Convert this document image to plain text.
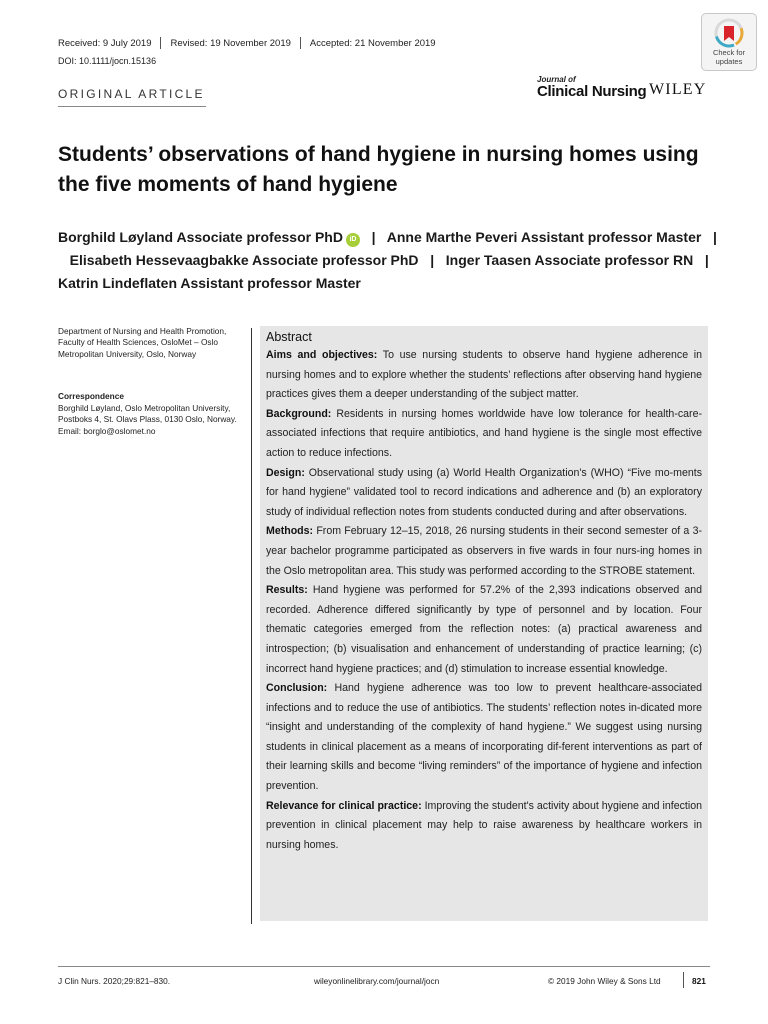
Received: 9 July 2019 Revised: 19 November 2019 Accepted: 21 November 2019
DOI: 10.1111/jocn.15136
Check for
updates
ORIGINAL ARTICLE
Journal of
Clinical Nursing WILEY
Students’ observations of hand hygiene in nursing homes using the five moments of hand hygiene
Borghild Løyland Associate professor PhD iD | Anne Marthe Peveri Assistant professor Master |   Elisabeth Hessevaagbakke Associate professor PhD | Inger Taasen Associate professor RN |   Katrin Lindeflaten Assistant professor Master
Department of Nursing and Health Promotion, Faculty of Health Sciences, OsloMet – Oslo Metropolitan University, Oslo, Norway
Correspondence
Borghild Løyland, Oslo Metropolitan University, Postboks 4, St. Olavs Plass, 0130 Oslo, Norway.
Email: borglo@oslomet.no
Abstract

Aims and objectives: To use nursing students to observe hand hygiene adherence in nursing homes and to explore whether the students’ reflections after observing hand hygiene practices gives them a deeper understanding of the subject matter.

Background: Residents in nursing homes worldwide have low tolerance for health-care-associated infections that require antibiotics, and hand hygiene is the single most effective action to reduce infections.

Design: Observational study using (a) World Health Organization's (WHO) “Five mo-ments for hand hygiene” validated tool to record indications and adherence and (b) an exploratory study of individual reflection notes from students conducted during and after observations.

Methods: From February 12–15, 2018, 26 nursing students in their second semester of a 3-year bachelor programme participated as observers in five wards in four nurs-ing homes in the Oslo metropolitan area. This study was performed according to the STROBE statement.

Results: Hand hygiene was performed for 57.2% of the 2,393 indications observed and recorded. Adherence differed significantly by type of personnel and by location. Four thematic categories emerged from the reflection notes: (a) practical awareness and introspection; (b) visualisation and enhancement of understanding of practice learning; (c) incorrect hand hygiene practices; and (d) stimulation to increase essential knowledge.

Conclusion: Hand hygiene adherence was too low to prevent healthcare-associated infections and to reduce the use of antibiotics. The students’ reflection notes in-dicated more “insight and understanding of the complexity of hand hygiene.” We suggest using nursing students in clinical placement as a means of incorporating dif-ferent interventions as part of their learning skills and become “living reminders” of the importance of hygiene and infection prevention.

Relevance for clinical practice: Improving the student's activity about hygiene and infection prevention in clinical placement may help to raise awareness by healthcare workers in nursing homes.

J Clin Nurs. 2020;29:821–830.	wileyonlinelibrary.com/journal/jocn	© 2019 John Wiley & Sons Ltd	821
